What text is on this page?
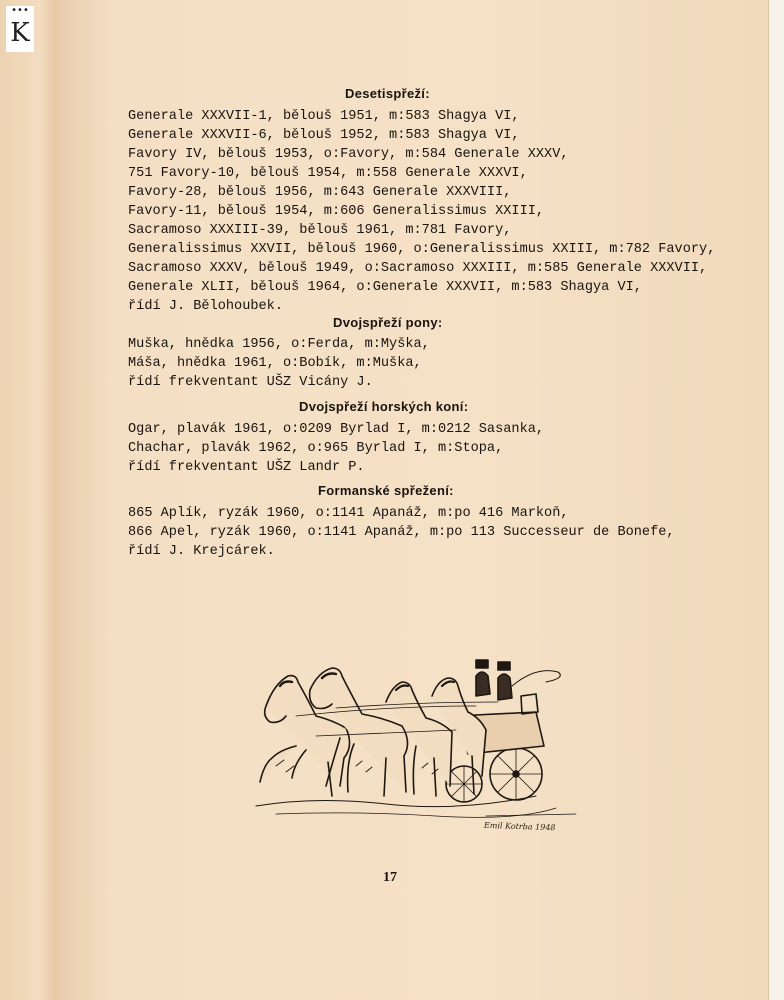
•••
K
Desetispřeží:
Generale XXXVII-1, bělouš 1951, m:583 Shagya VI,
Generale XXXVII-6, bělouš 1952, m:583 Shagya VI,
Favory IV, bělouš 1953, o:Favory, m:584 Generale XXXV,
751 Favory-10, bělouš 1954, m:558 Generale XXXVI,
Favory-28, bělouš 1956, m:643 Generale XXXVIII,
Favory-11, bělouš 1954, m:606 Generalissimus XXIII,
Sacramoso XXXIII-39, bělouš 1961, m:781 Favory,
Generalissimus XXVII, bělouš 1960, o:Generalissimus XXIII, m:782 Favory,
Sacramoso XXXV, bělouš 1949, o:Sacramoso XXXIII, m:585 Generale XXXVII,
Generale XLII, bělouš 1964, o:Generale XXXVII, m:583 Shagya VI,
řídí J. Bělohoubek.
Dvojspřeží pony:
Muška, hnědka 1956, o:Ferda, m:Myška,
Máša, hnědka 1961, o:Bobík, m:Muška,
řídí frekventant UŠZ Vicány J.
Dvojspřeží horských koní:
Ogar, plavák 1961, o:0209 Byrlad I, m:0212 Sasanka,
Chachar, plavák 1962, o:965 Byrlad I, m:Stopa,
řídí frekventant UŠZ Landr P.
Formanské spřežení:
865 Aplík, ryzák 1960, o:1141 Apanáž, m:po 416 Markoň,
866 Apel, ryzák 1960, o:1141 Apanáž, m:po 113 Successeur de Bonefe,
řídí J. Krejcárek.
Emil Kotrba 1948
17
